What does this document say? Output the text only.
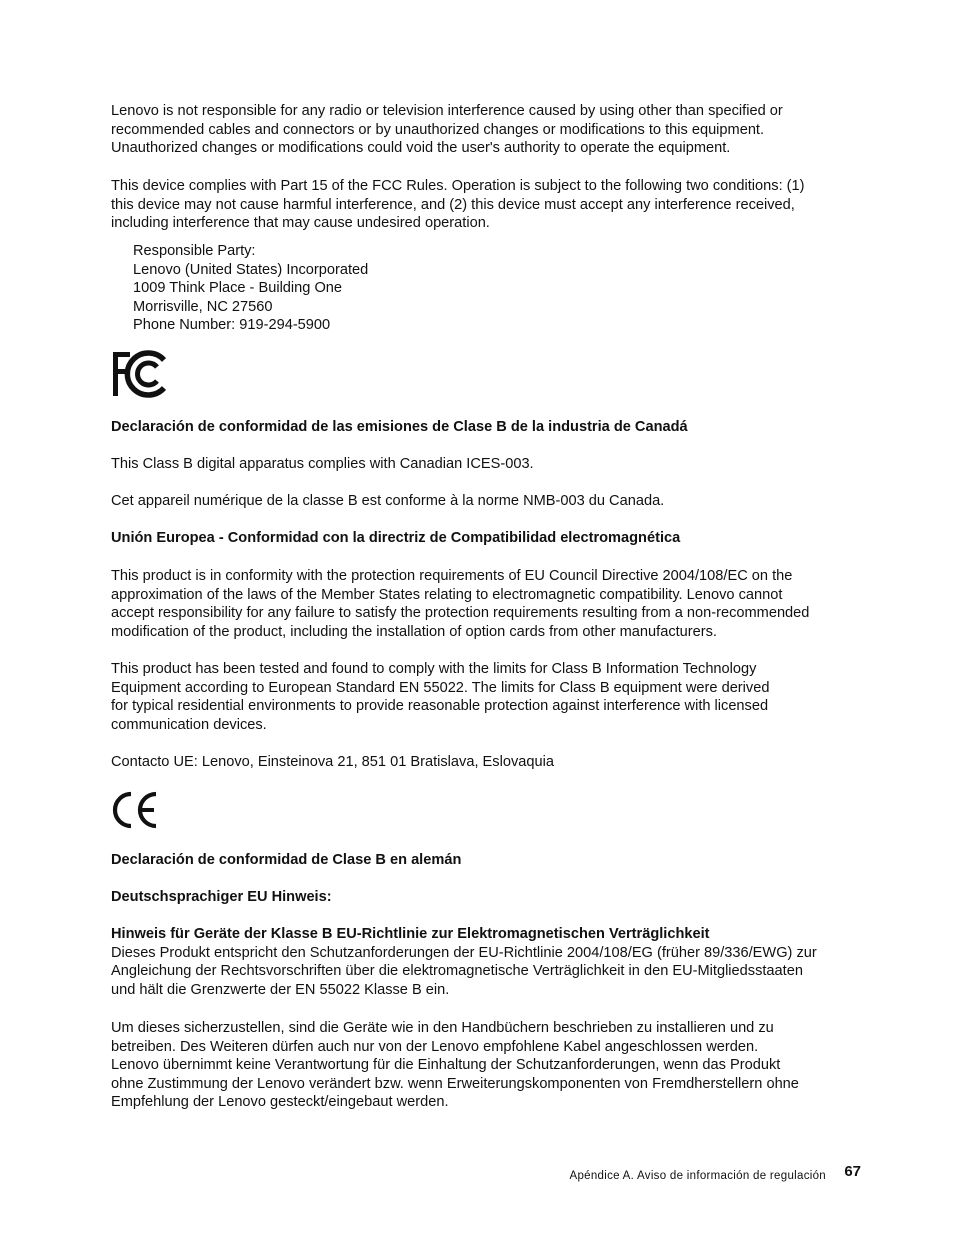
Lenovo is not responsible for any radio or television interference caused by using other than specified or
recommended cables and connectors or by unauthorized changes or modifications to this equipment.
Unauthorized changes or modifications could void the user's authority to operate the equipment.

This device complies with Part 15 of the FCC Rules. Operation is subject to the following two conditions: (1)
this device may not cause harmful interference, and (2) this device must accept any interference received,
including interference that may cause undesired operation.

Responsible Party:
Lenovo (United States) Incorporated
1009 Think Place - Building One
Morrisville, NC 27560
Phone Number: 919-294-5900

Declaración de conformidad de las emisiones de Clase B de la industria de Canadá

This Class B digital apparatus complies with Canadian ICES-003.

Cet appareil numérique de la classe B est conforme à la norme NMB-003 du Canada.

Unión Europea - Conformidad con la directriz de Compatibilidad electromagnética

This product is in conformity with the protection requirements of EU Council Directive 2004/108/EC on the
approximation of the laws of the Member States relating to electromagnetic compatibility. Lenovo cannot
accept responsibility for any failure to satisfy the protection requirements resulting from a non-recommended
modification of the product, including the installation of option cards from other manufacturers.

This product has been tested and found to comply with the limits for Class B Information Technology
Equipment according to European Standard EN 55022. The limits for Class B equipment were derived
for typical residential environments to provide reasonable protection against interference with licensed
communication devices.

Contacto UE: Lenovo, Einsteinova 21, 851 01 Bratislava, Eslovaquia

Declaración de conformidad de Clase B en alemán

Deutschsprachiger EU Hinweis:

Hinweis für Geräte der Klasse B EU-Richtlinie zur Elektromagnetischen Verträglichkeit
Dieses Produkt entspricht den Schutzanforderungen der EU-Richtlinie 2004/108/EG (früher 89/336/EWG) zur
Angleichung der Rechtsvorschriften über die elektromagnetische Verträglichkeit in den EU-Mitgliedsstaaten
und hält die Grenzwerte der EN 55022 Klasse B ein.

Um dieses sicherzustellen, sind die Geräte wie in den Handbüchern beschrieben zu installieren und zu
betreiben. Des Weiteren dürfen auch nur von der Lenovo empfohlene Kabel angeschlossen werden.
Lenovo übernimmt keine Verantwortung für die Einhaltung der Schutzanforderungen, wenn das Produkt
ohne Zustimmung der Lenovo verändert bzw. wenn Erweiterungskomponenten von Fremdherstellern ohne
Empfehlung der Lenovo gesteckt/eingebaut werden.

Apéndice A. Aviso de información de regulación 67
